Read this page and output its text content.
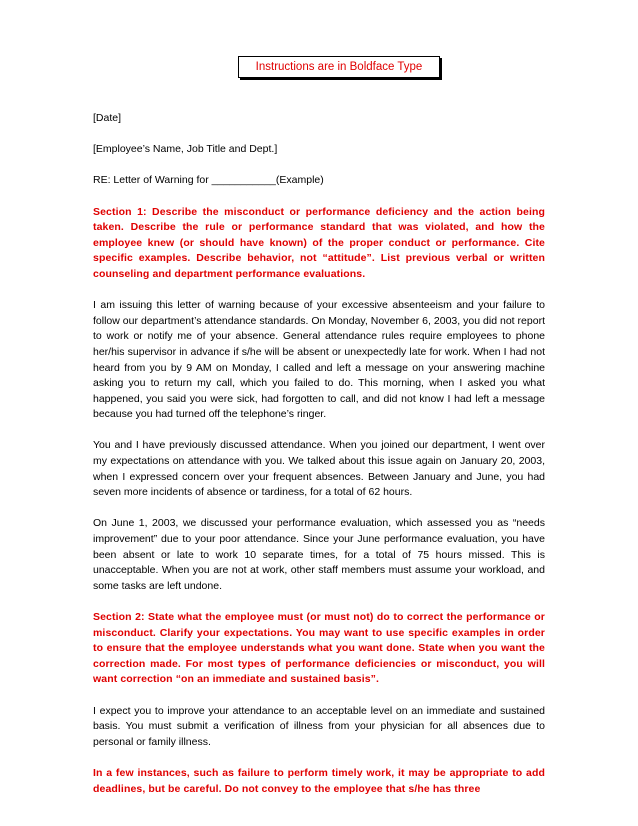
Instructions are in Boldface Type

[Date]

[Employee’s Name, Job Title and Dept.]

RE: Letter of Warning for ___________(Example)

Section 1: Describe the misconduct or performance deficiency and the action being taken. Describe the rule or performance standard that was violated, and how the employee knew (or should have known) of the proper conduct or performance. Cite specific examples. Describe behavior, not “attitude”. List previous verbal or written counseling and department performance evaluations.

I am issuing this letter of warning because of your excessive absenteeism and your failure to follow our department’s attendance standards. On Monday, November 6, 2003, you did not report to work or notify me of your absence. General attendance rules require employees to phone her/his supervisor in advance if s/he will be absent or unexpectedly late for work. When I had not heard from you by 9 AM on Monday, I called and left a message on your answering machine asking you to return my call, which you failed to do. This morning, when I asked you what happened, you said you were sick, had forgotten to call, and did not know I had left a message because you had turned off the telephone’s ringer.

You and I have previously discussed attendance. When you joined our department, I went over my expectations on attendance with you. We talked about this issue again on January 20, 2003, when I expressed concern over your frequent absences. Between January and June, you had seven more incidents of absence or tardiness, for a total of 62 hours.

On June 1, 2003, we discussed your performance evaluation, which assessed you as “needs improvement” due to your poor attendance. Since your June performance evaluation, you have been absent or late to work 10 separate times, for a total of 75 hours missed. This is unacceptable. When you are not at work, other staff members must assume your workload, and some tasks are left undone.

Section 2: State what the employee must (or must not) do to correct the performance or misconduct. Clarify your expectations. You may want to use specific examples in order to ensure that the employee understands what you want done. State when you want the correction made. For most types of performance deficiencies or misconduct, you will want correction “on an immediate and sustained basis”.

I expect you to improve your attendance to an acceptable level on an immediate and sustained basis. You must submit a verification of illness from your physician for all absences due to personal or family illness.

In a few instances, such as failure to perform timely work, it may be appropriate to add deadlines, but be careful. Do not convey to the employee that s/he has three
